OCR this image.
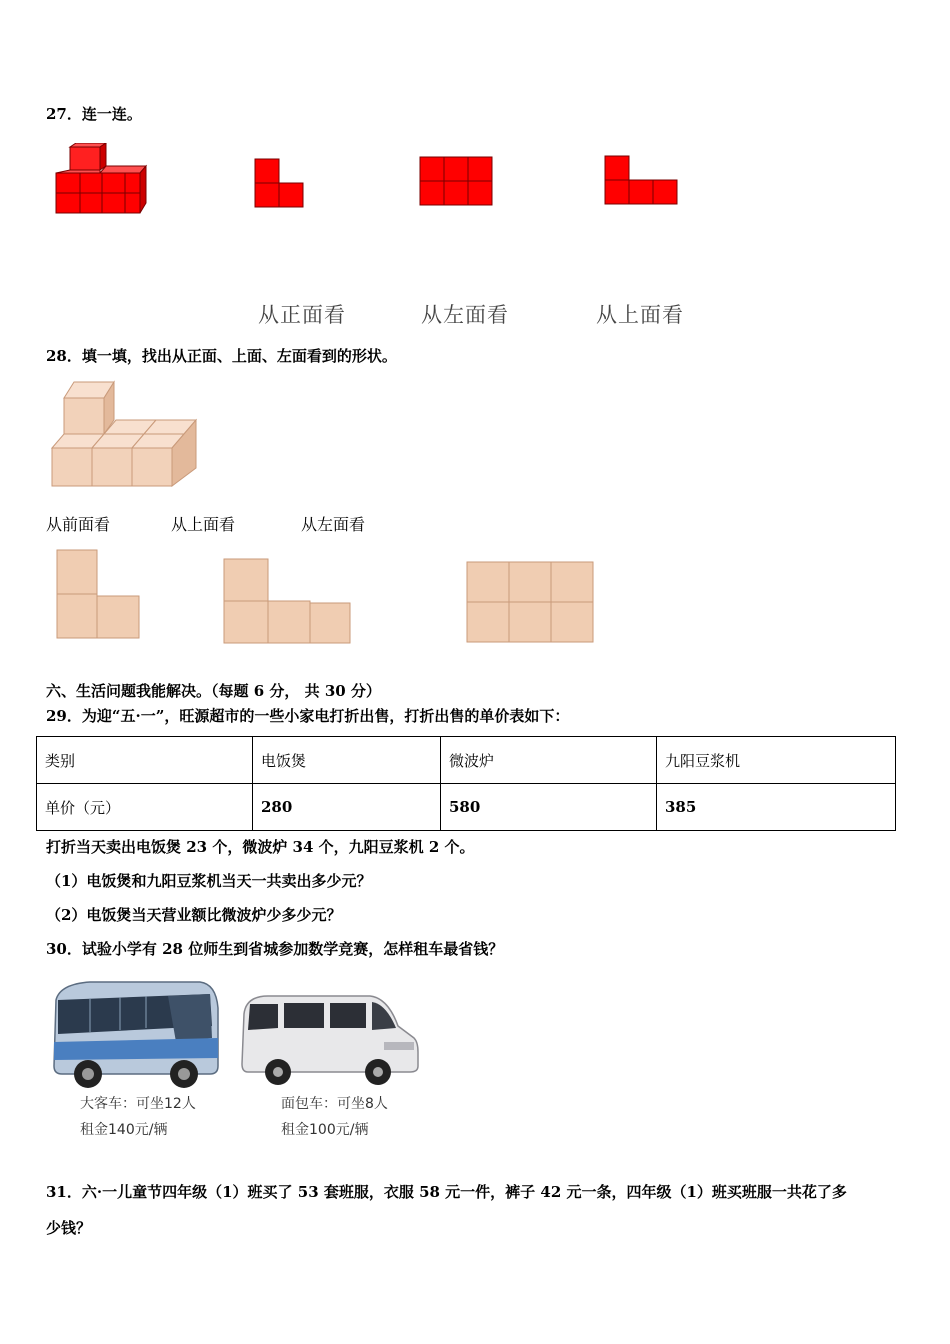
27．连一连。
从正面看	从左面看	从上面看
28．填一填，找出从正面、上面、左面看到的形状。
从前面看	从上面看	从左面看
六、生活问题我能解决。（每题 6 分， 共 30 分）
29．为迎“五·一”，旺源超市的一些小家电打折出售，打折出售的单价表如下：
类别	电饭煲	微波炉	九阳豆浆机
单价（元）	280	580	385
打折当天卖出电饭煲 23 个，微波炉 34 个，九阳豆浆机 2 个。
（1）电饭煲和九阳豆浆机当天一共卖出多少元？
（2）电饭煲当天营业额比微波炉少多少元？
30．试验小学有 28 位师生到省城参加数学竞赛，怎样租车最省钱？
大客车：可坐12人
租金140元/辆
面包车：可坐8人
租金100元/辆
31．六·一儿童节四年级（1）班买了 53 套班服，衣服 58 元一件，裤子 42 元一条，四年级（1）班买班服一共花了多
少钱？
